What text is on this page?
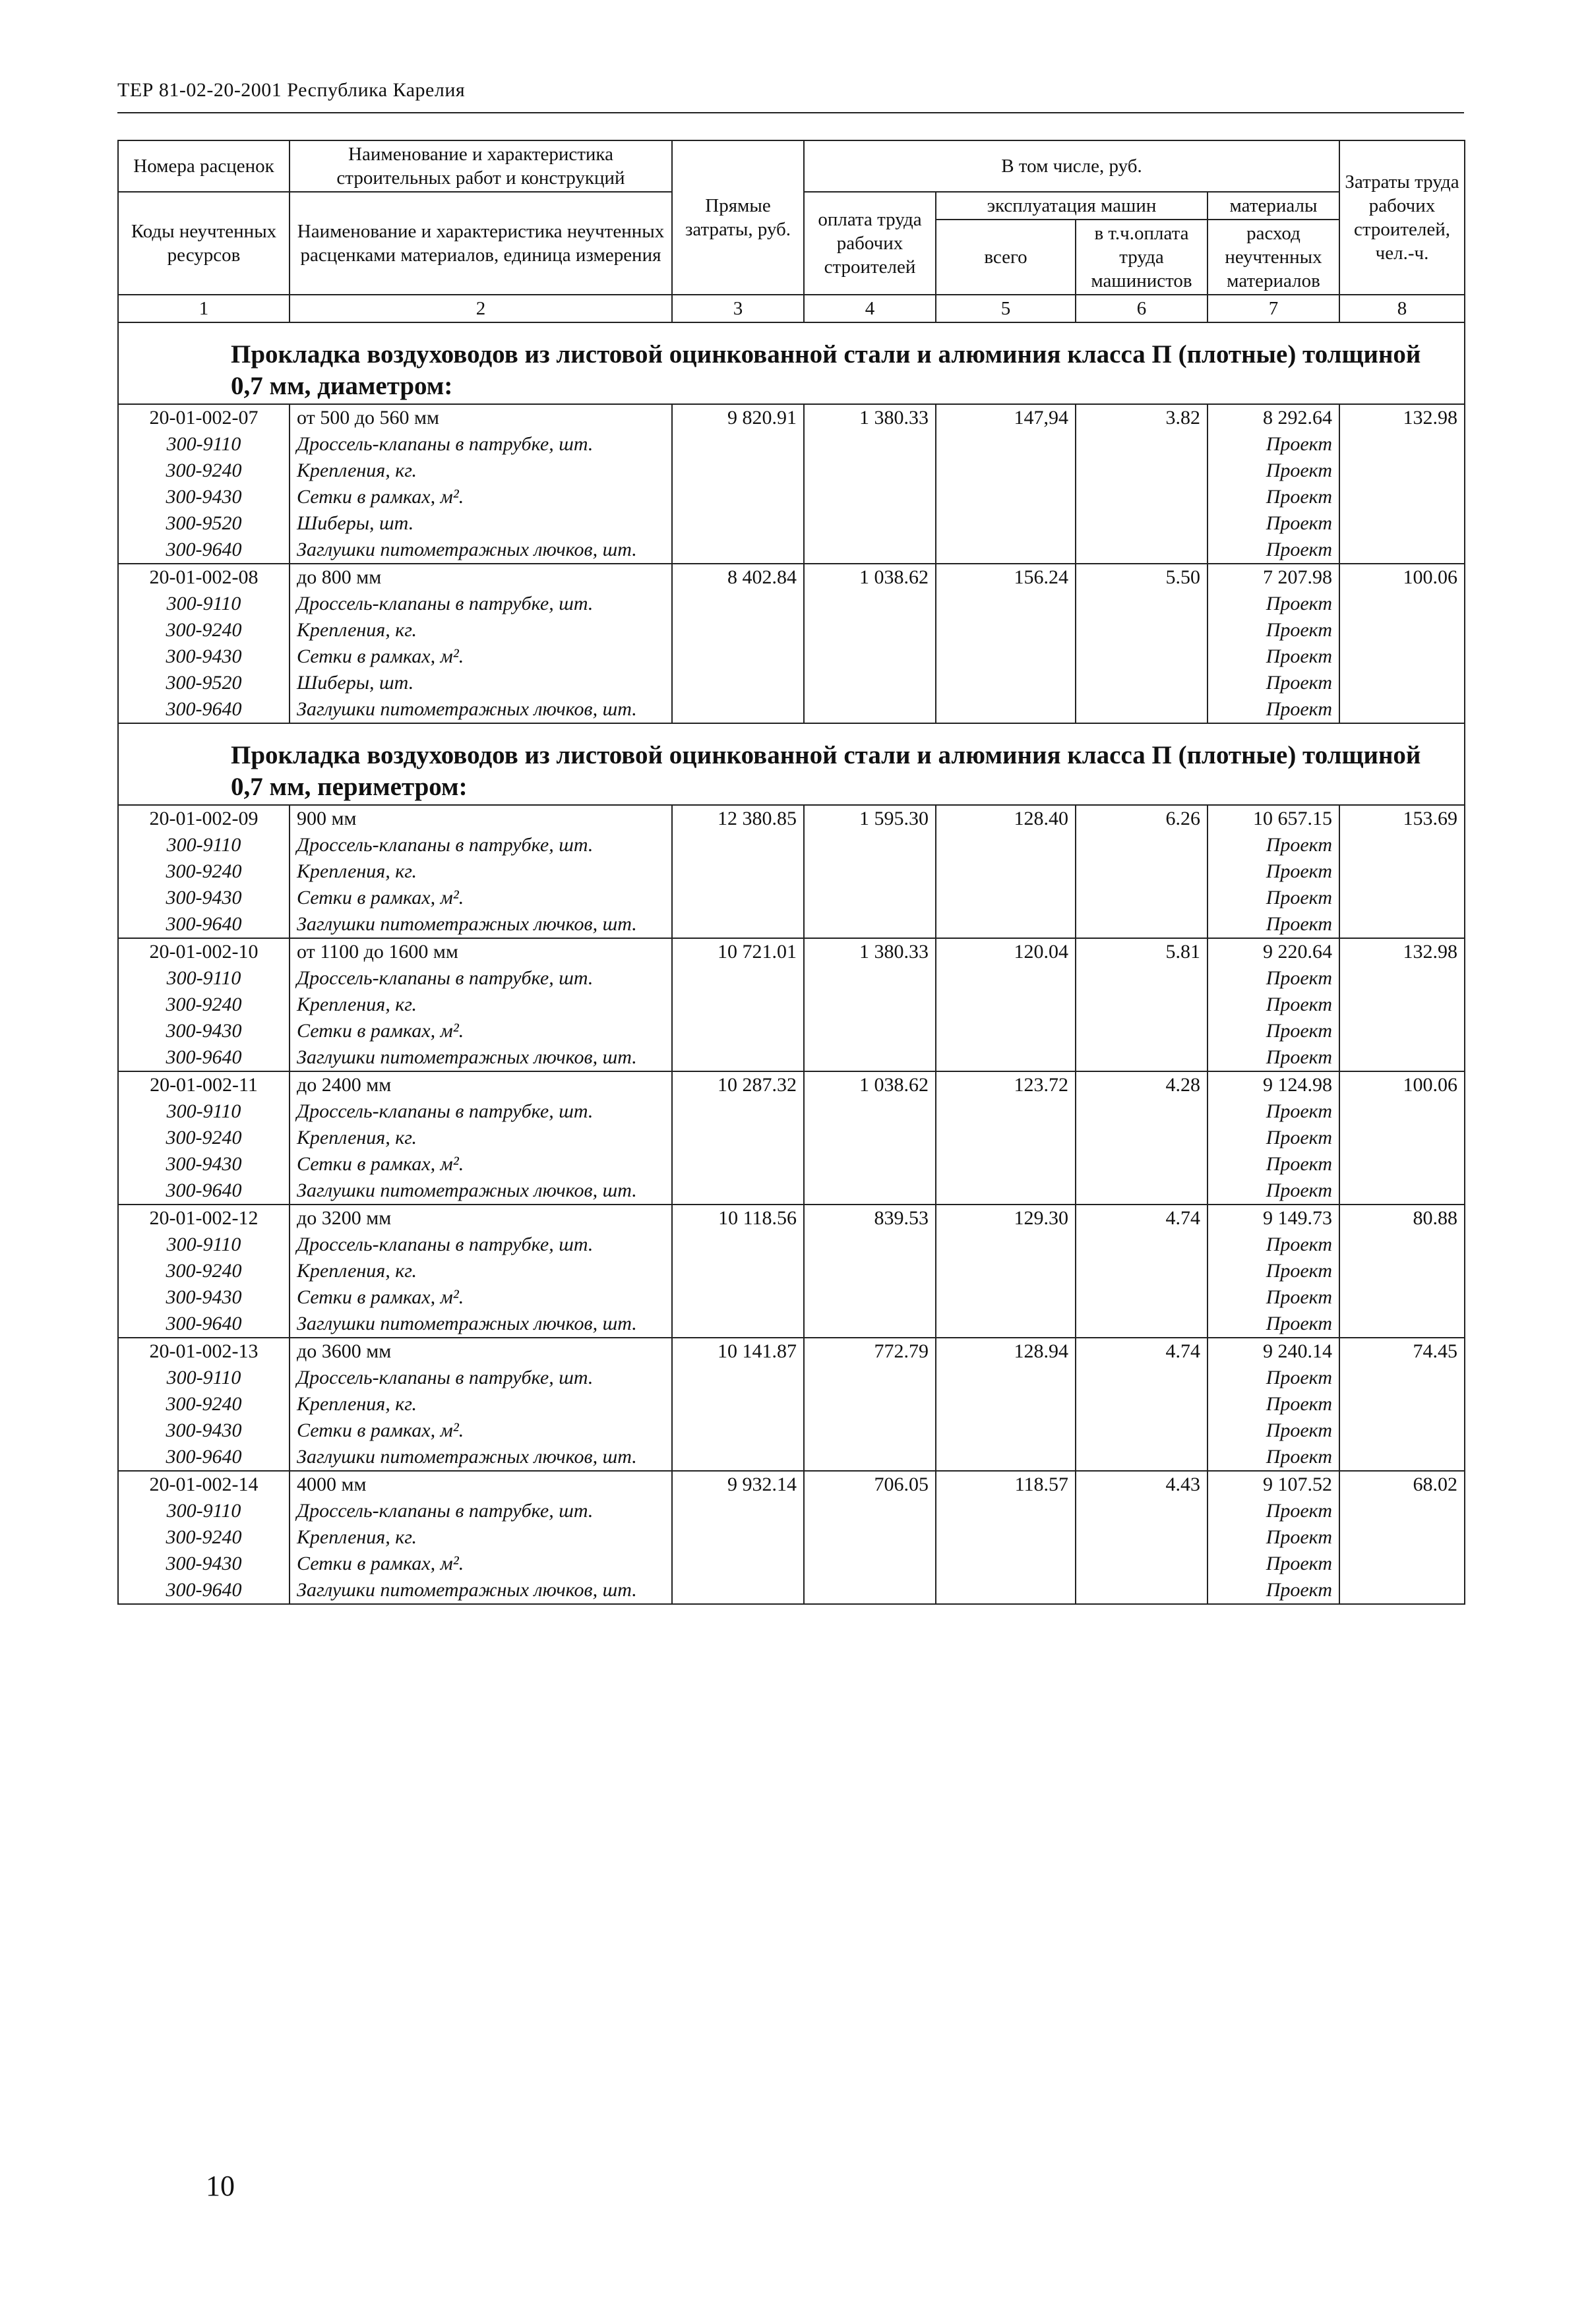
ТЕР 81-02-20-2001 Республика Карелия
Номера расценок	Наименование и характеристика строительных работ и конструкций	Прямые затраты, руб.	В том числе, руб.				Затраты труда рабочих строителей, чел.-ч.
Коды неучтенных ресурсов	Наименование и характеристика неучтенных расценками материалов, единица измерения		оплата труда рабочих строителей	эксплуатация машин		материалы	
				всего	в т.ч.оплата труда машинистов	расход неучтенных материалов	
1	2	3	4	5	6	7	8
Прокладка воздуховодов из листовой оцинкованной стали и алюминия класса П (плотные) толщиной 0,7 мм, диаметром:							
20-01-002-07	от 500 до 560 мм	9 820.91	1 380.33	147,94	3.82	8 292.64	132.98
300-9110	Дроссель-клапаны в патрубке, шт.					Проект	
300-9240	Крепления, кг.					Проект	
300-9430	Сетки в рамках, м².					Проект	
300-9520	Шиберы, шт.					Проект	
300-9640	Заглушки питометражных лючков, шт.					Проект	
20-01-002-08	до 800 мм	8 402.84	1 038.62	156.24	5.50	7 207.98	100.06
300-9110	Дроссель-клапаны в патрубке, шт.					Проект	
300-9240	Крепления, кг.					Проект	
300-9430	Сетки в рамках, м².					Проект	
300-9520	Шиберы, шт.					Проект	
300-9640	Заглушки питометражных лючков, шт.					Проект	
Прокладка воздуховодов из листовой оцинкованной стали и алюминия класса П (плотные) толщиной 0,7 мм, периметром:							
20-01-002-09	900 мм	12 380.85	1 595.30	128.40	6.26	10 657.15	153.69
300-9110	Дроссель-клапаны в патрубке, шт.					Проект	
300-9240	Крепления, кг.					Проект	
300-9430	Сетки в рамках, м².					Проект	
300-9640	Заглушки питометражных лючков, шт.					Проект	
20-01-002-10	от 1100 до 1600 мм	10 721.01	1 380.33	120.04	5.81	9 220.64	132.98
300-9110	Дроссель-клапаны в патрубке, шт.					Проект	
300-9240	Крепления, кг.					Проект	
300-9430	Сетки в рамках, м².					Проект	
300-9640	Заглушки питометражных лючков, шт.					Проект	
20-01-002-11	до 2400 мм	10 287.32	1 038.62	123.72	4.28	9 124.98	100.06
300-9110	Дроссель-клапаны в патрубке, шт.					Проект	
300-9240	Крепления, кг.					Проект	
300-9430	Сетки в рамках, м².					Проект	
300-9640	Заглушки питометражных лючков, шт.					Проект	
20-01-002-12	до 3200 мм	10 118.56	839.53	129.30	4.74	9 149.73	80.88
300-9110	Дроссель-клапаны в патрубке, шт.					Проект	
300-9240	Крепления, кг.					Проект	
300-9430	Сетки в рамках, м².					Проект	
300-9640	Заглушки питометражных лючков, шт.					Проект	
20-01-002-13	до 3600 мм	10 141.87	772.79	128.94	4.74	9 240.14	74.45
300-9110	Дроссель-клапаны в патрубке, шт.					Проект	
300-9240	Крепления, кг.					Проект	
300-9430	Сетки в рамках, м².					Проект	
300-9640	Заглушки питометражных лючков, шт.					Проект	
20-01-002-14	4000 мм	9 932.14	706.05	118.57	4.43	9 107.52	68.02
300-9110	Дроссель-клапаны в патрубке, шт.					Проект	
300-9240	Крепления, кг.					Проект	
300-9430	Сетки в рамках, м².					Проект	
300-9640	Заглушки питометражных лючков, шт.					Проект	
10
